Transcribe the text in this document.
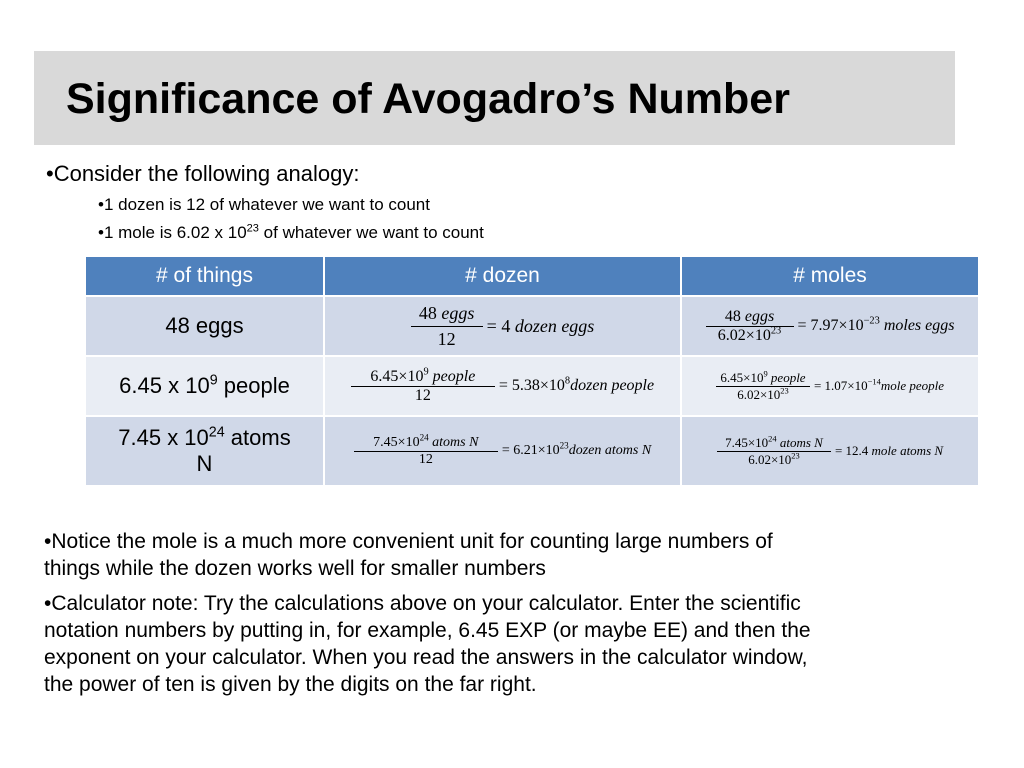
Significance of Avogadro’s Number
•Consider the following analogy:
•1 dozen is 12 of whatever we want to count
•1 mole is 6.02 x $10^{23}$ of whatever we want to count
# of things	# dozen	# moles
48 eggs	$\frac{\text{48 eggs}}{12} = 4$ dozen eggs	$\frac{\text{48 eggs}}{6.02\times 10^{23}} = 7.97\times 10^{-23}$ moles eggs

6.45 x $10^9$ people	$\frac{6.45\times 10^9 people}{12}$ = $5.38\times 10^8dozen$ people	$\frac{6.45\times 10^9 people}{6.02\times 10^{23}}$ = $1.07\times 10^{-14}mole$ people

7.45 x $10^{24}$ atoms
N	$\frac{7.45\times 10^{24} atoms N}{12}$ = $6.21\times 10^{23}dozen$ atoms N	$\frac{7.45\times 10^{24} atoms N}{6.02\times 10^{23}} = 12.4$ mole atoms N
•Notice the mole is a much more convenient unit for counting large numbers of
things while the dozen works well for smaller numbers
•Calculator note: Try the calculations above on your calculator. Enter the scientific
notation numbers by putting in, for example, 6.45 EXP (or maybe EE) and then the
exponent on your calculator. When you read the answers in the calculator window,
the power of ten is given by the digits on the far right.
